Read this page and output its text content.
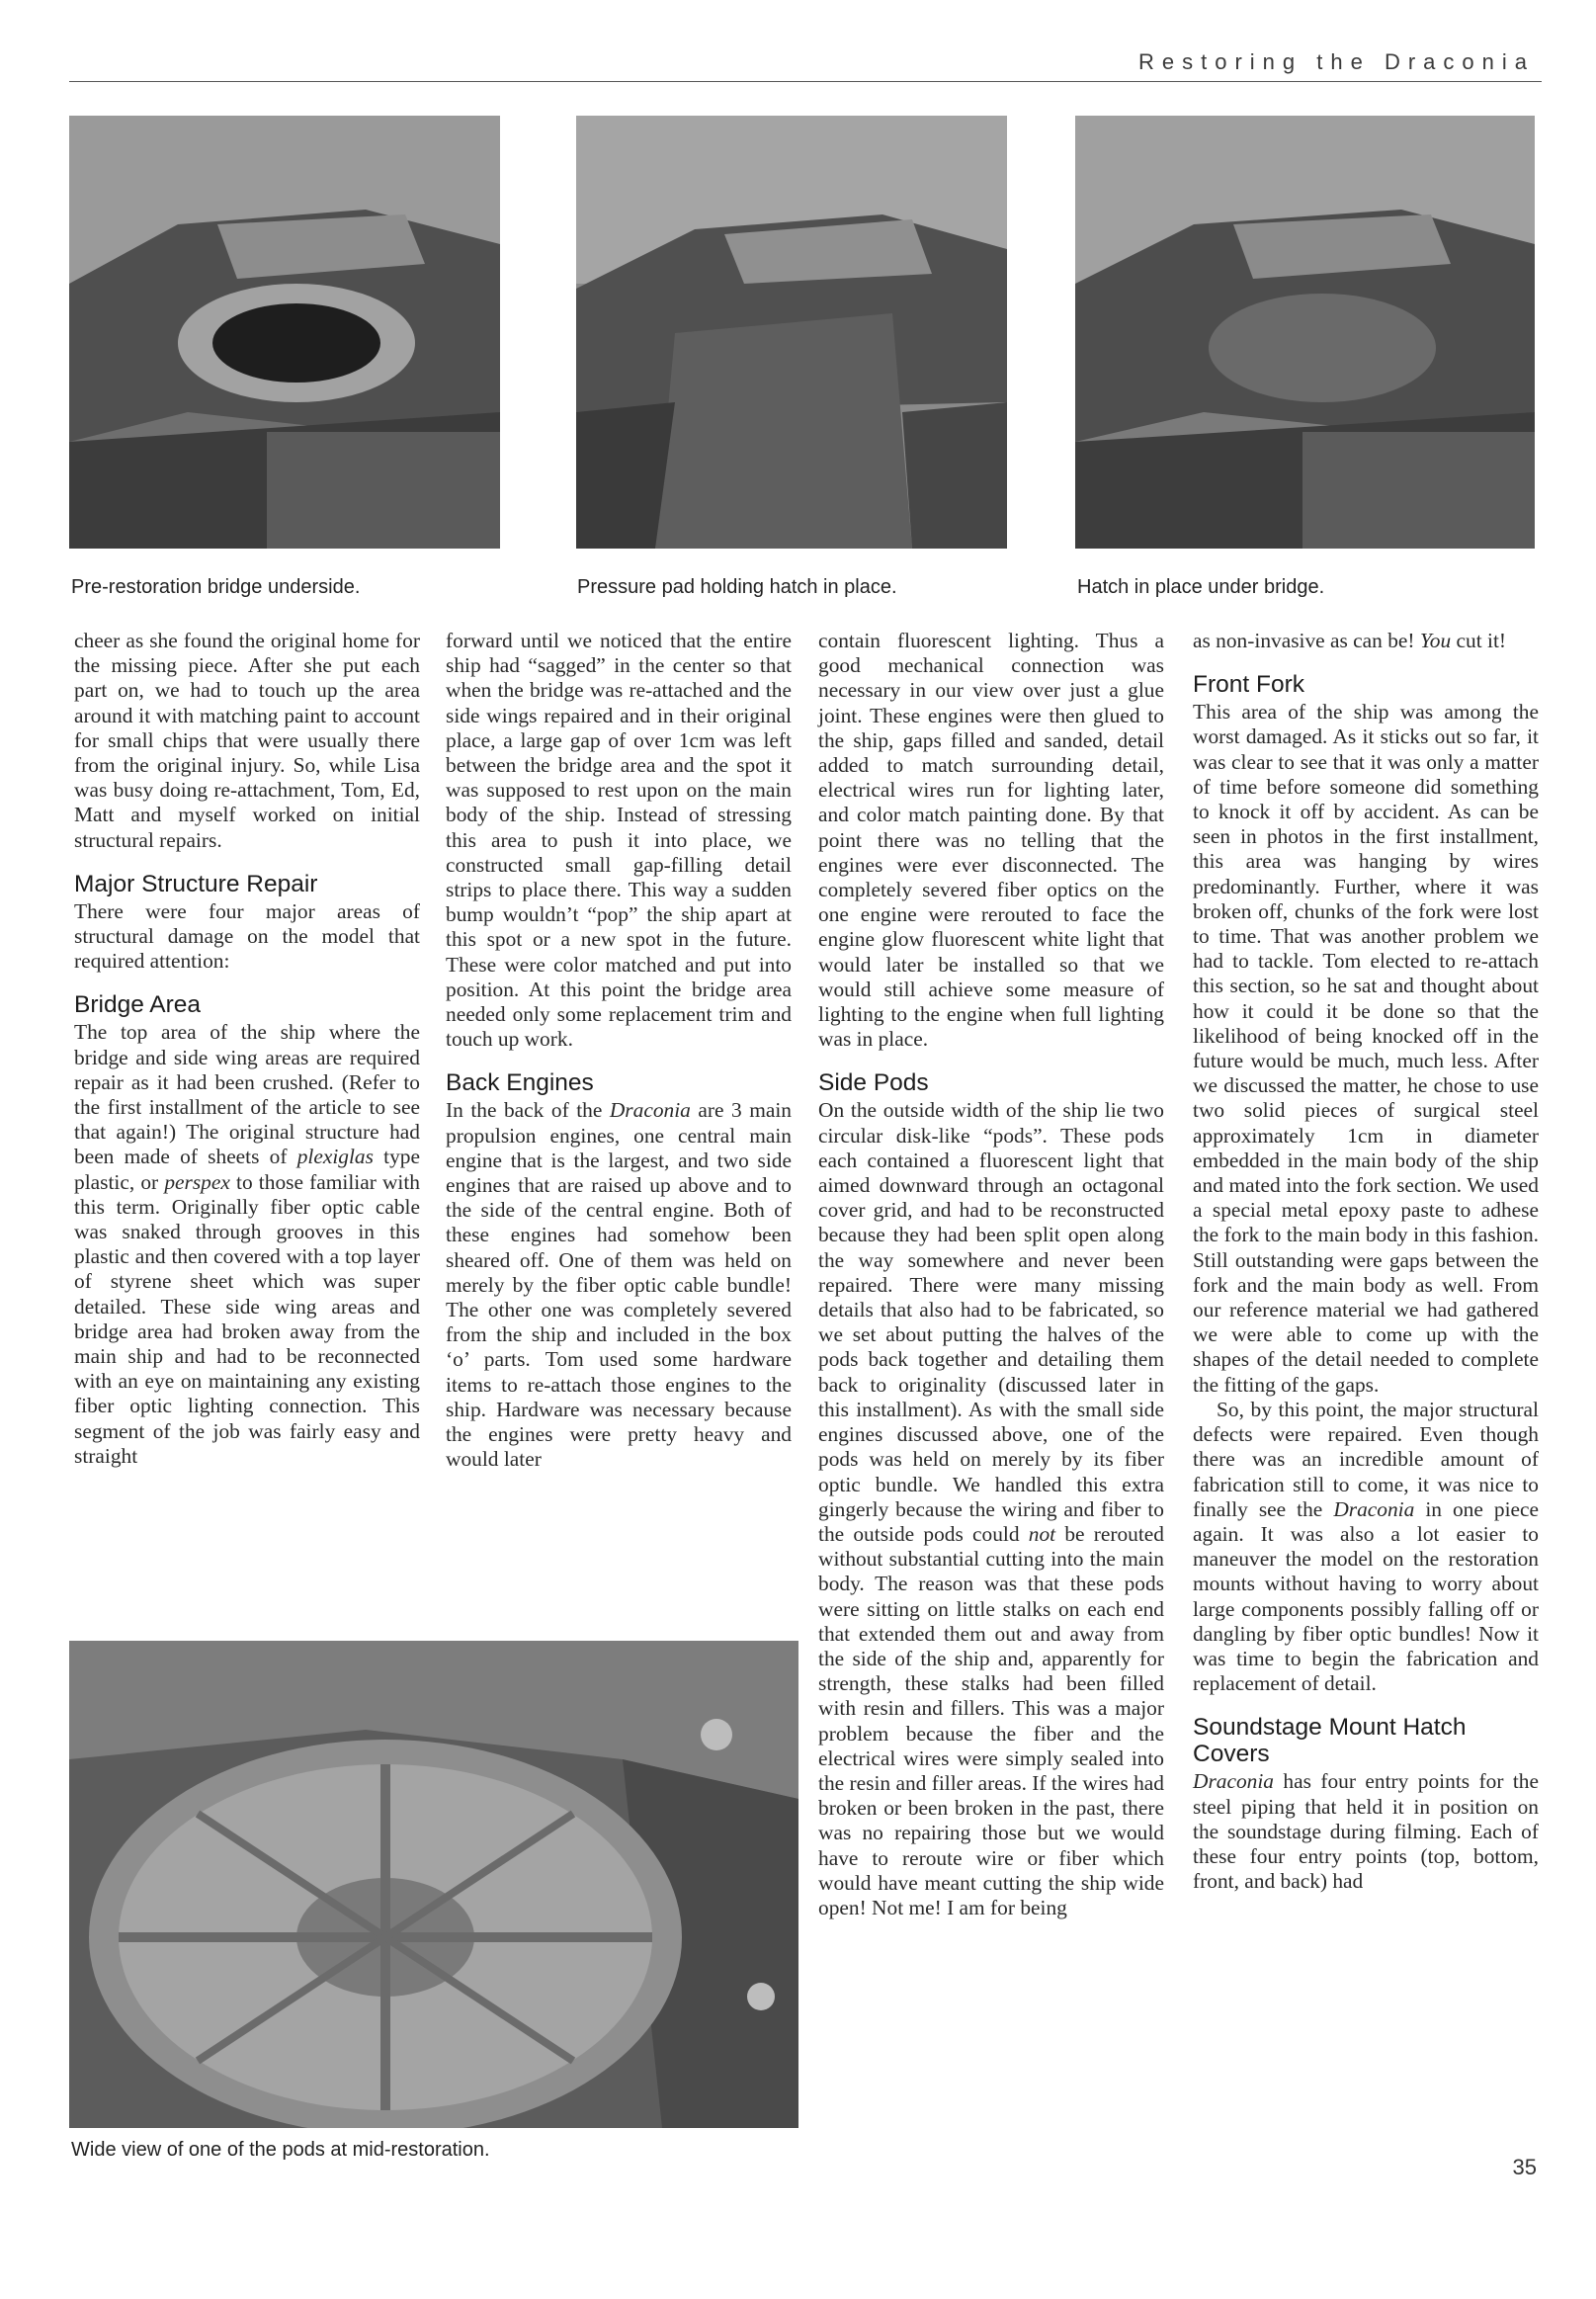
Restoring the Draconia
Pre-restoration bridge underside.	Pressure pad holding hatch in place.	Hatch in place under bridge.

cheer as she found the original home for the missing piece. After she put each part on, we had to touch up the area around it with matching paint to account for small chips that were usually there from the original injury. So, while Lisa was busy doing re-attachment, Tom, Ed, Matt and myself worked on initial structural repairs.

Major Structure Repair

There were four major areas of structural damage on the model that required attention:

Bridge Area

The top area of the ship where the bridge and side wing areas are required repair as it had been crushed. (Refer to the first installment of the article to see that again!) The original structure had been made of sheets of plexiglas type plastic, or perspex to those familiar with this term. Originally fiber optic cable was snaked through grooves in this plastic and then covered with a top layer of styrene sheet which was super detailed. These side wing areas and bridge area had broken away from the main ship and had to be reconnected with an eye on maintaining any existing fiber optic lighting connection. This segment of the job was fairly easy and straight

forward until we noticed that the entire ship had “sagged” in the center so that when the bridge was re-attached and the side wings repaired and in their original place, a large gap of over 1cm was left between the bridge area and the spot it was supposed to rest upon on the main body of the ship. Instead of stressing this area to push it into place, we constructed small gap-filling detail strips to place there. This way a sudden bump wouldn’t “pop” the ship apart at this spot or a new spot in the future. These were color matched and put into position. At this point the bridge area needed only some replacement trim and touch up work.

Back Engines

In the back of the Draconia are 3 main propulsion engines, one central main engine that is the largest, and two side engines that are raised up above and to the side of the central engine. Both of these engines had somehow been sheared off. One of them was held on merely by the fiber optic cable bundle! The other one was completely severed from the ship and included in the box ‘o’ parts. Tom used some hardware items to re-attach those engines to the ship. Hardware was necessary because the engines were pretty heavy and would later

Wide view of one of the pods at mid-restoration.

contain fluorescent lighting. Thus a good mechanical connection was necessary in our view over just a glue joint. These engines were then glued to the ship, gaps filled and sanded, detail added to match surrounding detail, electrical wires run for lighting later, and color match painting done. By that point there was no telling that the engines were ever disconnected. The completely severed fiber optics on the one engine were rerouted to face the engine glow fluorescent white light that would later be installed so that we would still achieve some measure of lighting to the engine when full lighting was in place.

Side Pods

On the outside width of the ship lie two circular disk-like “pods”. These pods each contained a fluorescent light that aimed downward through an octagonal cover grid, and had to be reconstructed because they had been split open along the way somewhere and never been repaired. There were many missing details that also had to be fabricated, so we set about putting the halves of the pods back together and detailing them back to originality (discussed later in this installment). As with the small side engines discussed above, one of the pods was held on merely by its fiber optic bundle. We handled this extra gingerly because the wiring and fiber to the outside pods could not be rerouted without substantial cutting into the main body. The reason was that these pods were sitting on little stalks on each end that extended them out and away from the side of the ship and, apparently for strength, these stalks had been filled with resin and fillers. This was a major problem because the fiber and the electrical wires were simply sealed into the resin and filler areas. If the wires had broken or been broken in the past, there was no repairing those but we would have to reroute wire or fiber which would have meant cutting the ship wide open! Not me! I am for being

as non-invasive as can be! You cut it!

Front Fork

This area of the ship was among the worst damaged. As it sticks out so far, it was clear to see that it was only a matter of time before someone did something to knock it off by accident. As can be seen in photos in the first installment, this area was hanging by wires predominantly. Further, where it was broken off, chunks of the fork were lost to time. That was another problem we had to tackle. Tom elected to re-attach this section, so he sat and thought about how it could it be done so that the likelihood of being knocked off in the future would be much, much less. After we discussed the matter, he chose to use two solid pieces of surgical steel approximately 1cm in diameter embedded in the main body of the ship and mated into the fork section. We used a special metal epoxy paste to adhese the fork to the main body in this fashion. Still outstanding were gaps between the fork and the main body as well. From our reference material we had gathered we were able to come up with the shapes of the detail needed to complete the fitting of the gaps.

So, by this point, the major structural defects were repaired. Even though there was an incredible amount of fabrication still to come, it was nice to finally see the Draconia in one piece again. It was also a lot easier to maneuver the model on the restoration mounts without having to worry about large components possibly falling off or dangling by fiber optic bundles! Now it was time to begin the fabrication and replacement of detail.

Soundstage Mount Hatch Covers

Draconia has four entry points for the steel piping that held it in position on the soundstage during filming. Each of these four entry points (top, bottom, front, and back) had

35
